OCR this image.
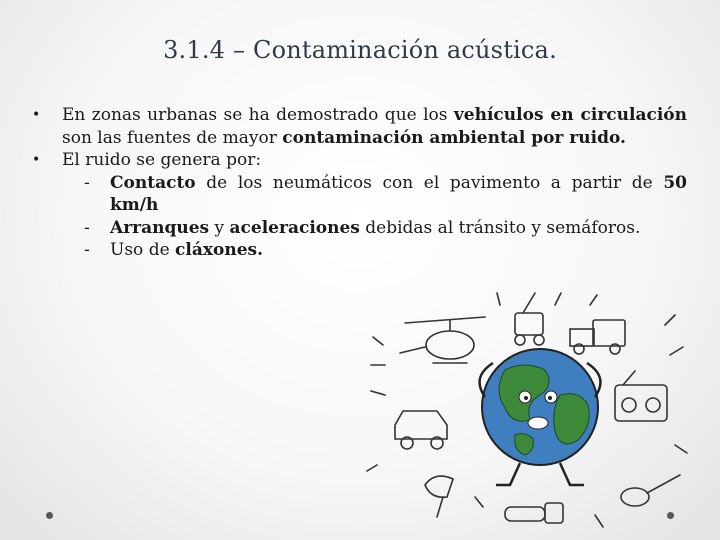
3.1.4 – Contaminación acústica.
•	En zonas urbanas se ha demostrado que los vehículos en circulación son las fuentes de mayor contaminación ambiental por ruido.
•	El ruido se genera por:
-	Contacto de los neumáticos con el pavimento a partir de 50 km/h
-	Arranques y aceleraciones debidas al tránsito y semáforos.
-	Uso de cláxones.
